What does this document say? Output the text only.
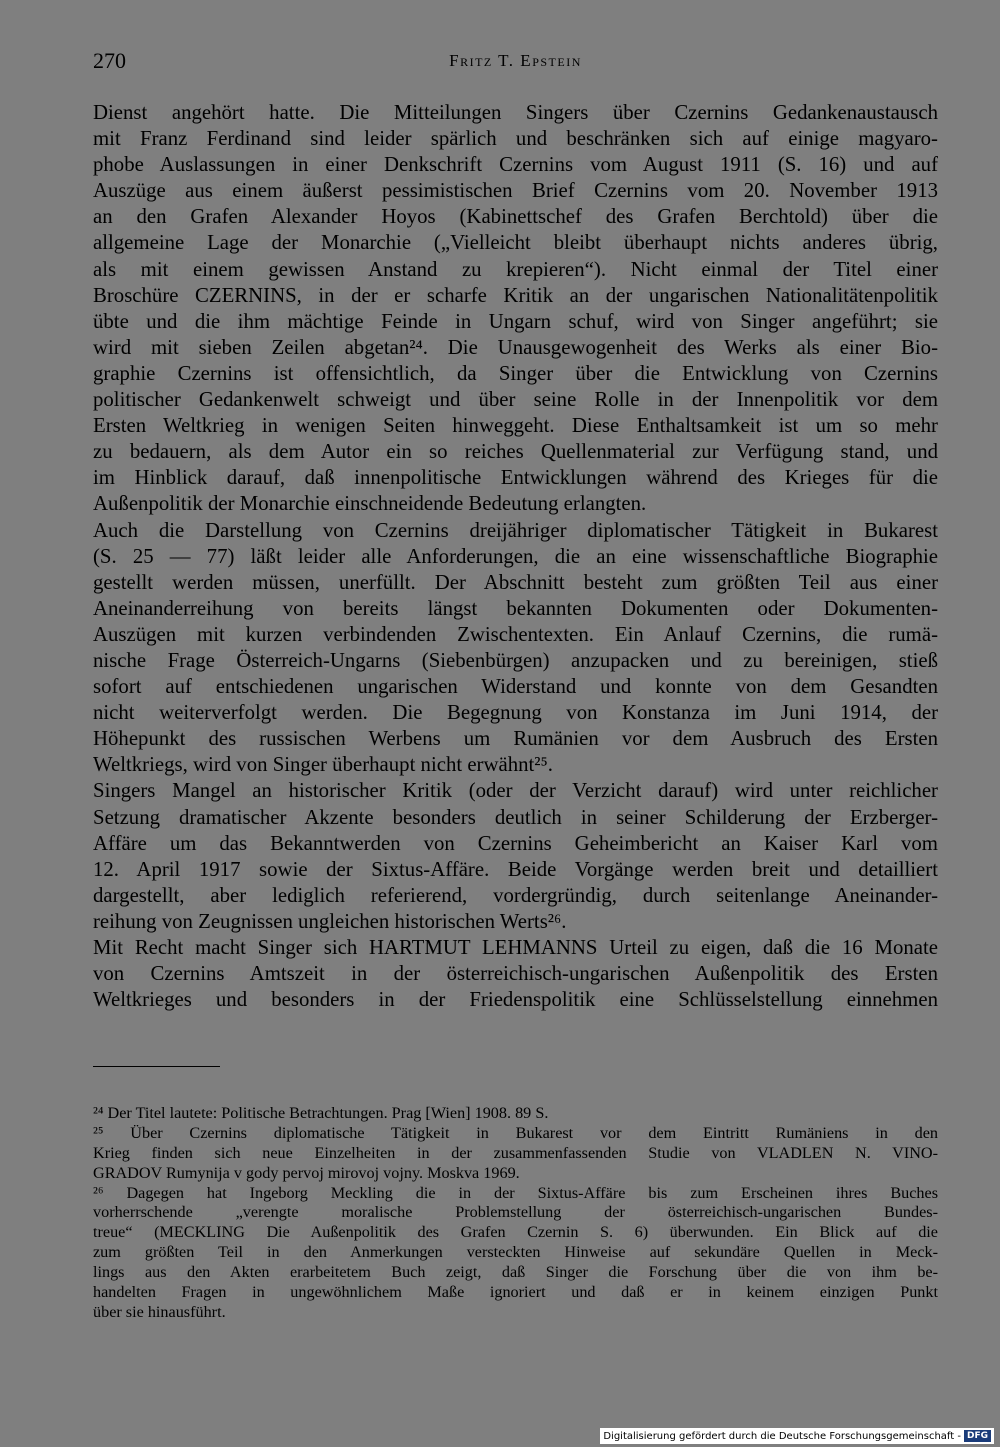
270	Fritz T. Epstein
Dienst angehört hatte. Die Mitteilungen Singers über Czernins Gedankenaustausch
mit Franz Ferdinand sind leider spärlich und beschränken sich auf einige magyaro-
phobe Auslassungen in einer Denkschrift Czernins vom August 1911 (S. 16) und auf
Auszüge aus einem äußerst pessimistischen Brief Czernins vom 20. November 1913
an den Grafen Alexander Hoyos (Kabinettschef des Grafen Berchtold) über die
allgemeine Lage der Monarchie („Vielleicht bleibt überhaupt nichts anderes übrig,
als mit einem gewissen Anstand zu krepieren“). Nicht einmal der Titel einer
Broschüre CZERNINS, in der er scharfe Kritik an der ungarischen Nationalitätenpolitik
übte und die ihm mächtige Feinde in Ungarn schuf, wird von Singer angeführt; sie
wird mit sieben Zeilen abgetan²⁴. Die Unausgewogenheit des Werks als einer Bio-
graphie Czernins ist offensichtlich, da Singer über die Entwicklung von Czernins
politischer Gedankenwelt schweigt und über seine Rolle in der Innenpolitik vor dem
Ersten Weltkrieg in wenigen Seiten hinweggeht. Diese Enthaltsamkeit ist um so mehr
zu bedauern, als dem Autor ein so reiches Quellenmaterial zur Verfügung stand, und
im Hinblick darauf, daß innenpolitische Entwicklungen während des Krieges für die
Außenpolitik der Monarchie einschneidende Bedeutung erlangten.
Auch die Darstellung von Czernins dreijähriger diplomatischer Tätigkeit in Bukarest
(S. 25 — 77) läßt leider alle Anforderungen, die an eine wissenschaftliche Biographie
gestellt werden müssen, unerfüllt. Der Abschnitt besteht zum größten Teil aus einer
Aneinanderreihung von bereits längst bekannten Dokumenten oder Dokumenten-
Auszügen mit kurzen verbindenden Zwischentexten. Ein Anlauf Czernins, die rumä-
nische Frage Österreich-Ungarns (Siebenbürgen) anzupacken und zu bereinigen, stieß
sofort auf entschiedenen ungarischen Widerstand und konnte von dem Gesandten
nicht weiterverfolgt werden. Die Begegnung von Konstanza im Juni 1914, der
Höhepunkt des russischen Werbens um Rumänien vor dem Ausbruch des Ersten
Weltkriegs, wird von Singer überhaupt nicht erwähnt²⁵.
Singers Mangel an historischer Kritik (oder der Verzicht darauf) wird unter reichlicher
Setzung dramatischer Akzente besonders deutlich in seiner Schilderung der Erzberger-
Affäre um das Bekanntwerden von Czernins Geheimbericht an Kaiser Karl vom
12. April 1917 sowie der Sixtus-Affäre. Beide Vorgänge werden breit und detailliert
dargestellt, aber lediglich referierend, vordergründig, durch seitenlange Aneinander-
reihung von Zeugnissen ungleichen historischen Werts²⁶.
Mit Recht macht Singer sich HARTMUT LEHMANNS Urteil zu eigen, daß die 16 Monate
von Czernins Amtszeit in der österreichisch-ungarischen Außenpolitik des Ersten
Weltkrieges und besonders in der Friedenspolitik eine Schlüsselstellung einnehmen
²⁴ Der Titel lautete: Politische Betrachtungen. Prag [Wien] 1908. 89 S.
²⁵ Über Czernins diplomatische Tätigkeit in Bukarest vor dem Eintritt Rumäniens in den
Krieg finden sich neue Einzelheiten in der zusammenfassenden Studie von VLADLEN N. VINO-
GRADOV Rumynija v gody pervoj mirovoj vojny. Moskva 1969.
²⁶ Dagegen hat Ingeborg Meckling die in der Sixtus-Affäre bis zum Erscheinen ihres Buches
vorherrschende „verengte moralische Problemstellung der österreichisch-ungarischen Bundes-
treue“ (MECKLING Die Außenpolitik des Grafen Czernin S. 6) überwunden. Ein Blick auf die
zum größten Teil in den Anmerkungen versteckten Hinweise auf sekundäre Quellen in Meck-
lings aus den Akten erarbeitetem Buch zeigt, daß Singer die Forschung über die von ihm be-
handelten Fragen in ungewöhnlichem Maße ignoriert und daß er in keinem einzigen Punkt
über sie hinausführt.
Digitalisierung gefördert durch die Deutsche Forschungsgemeinschaft - DFG
